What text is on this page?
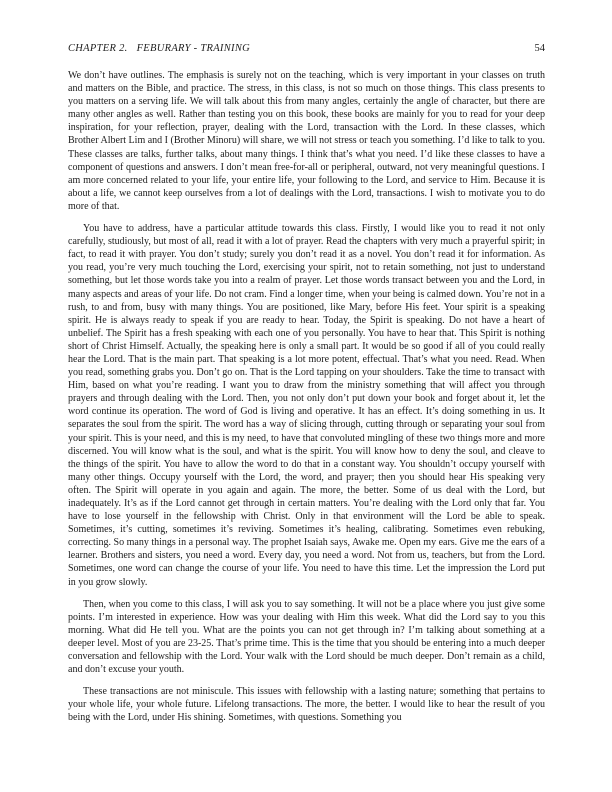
CHAPTER 2. FEBURARY - TRAINING	54

We don’t have outlines. The emphasis is surely not on the teaching, which is very important in your classes on truth and matters on the Bible, and practice. The stress, in this class, is not so much on those things. This class presents to you matters on a serving life. We will talk about this from many angles, certainly the angle of character, but there are many other angles as well. Rather than testing you on this book, these books are mainly for you to read for your deep inspiration, for your reflection, prayer, dealing with the Lord, transaction with the Lord. In these classes, which Brother Albert Lim and I (Brother Minoru) will share, we will not stress or teach you something. I’d like to talk to you. These classes are talks, further talks, about many things. I think that’s what you need. I’d like these classes to have a component of questions and answers. I don’t mean free-for-all or peripheral, outward, not very meaningful questions. I am more concerned related to your life, your entire life, your following to the Lord, and service to Him. Because it is about a life, we cannot keep ourselves from a lot of dealings with the Lord, transactions. I wish to motivate you to do more of that.

You have to address, have a particular attitude towards this class. Firstly, I would like you to read it not only carefully, studiously, but most of all, read it with a lot of prayer. Read the chapters with very much a prayerful spirit; in fact, to read it with prayer. You don’t study; surely you don’t read it as a novel. You don’t read it for information. As you read, you’re very much touching the Lord, exercising your spirit, not to retain something, not just to understand something, but let those words take you into a realm of prayer. Let those words transact between you and the Lord, in many aspects and areas of your life. Do not cram. Find a longer time, when your being is calmed down. You’re not in a rush, to and from, busy with many things. You are positioned, like Mary, before His feet. Your spirit is a speaking spirit. He is always ready to speak if you are ready to hear. Today, the Spirit is speaking. Do not have a heart of unbelief. The Spirit has a fresh speaking with each one of you personally. You have to hear that. This Spirit is nothing short of Christ Himself. Actually, the speaking here is only a small part. It would be so good if all of you could really hear the Lord. That is the main part. That speaking is a lot more potent, effectual. That’s what you need. Read. When you read, something grabs you. Don’t go on. That is the Lord tapping on your shoulders. Take the time to transact with Him, based on what you’re reading. I want you to draw from the ministry something that will affect you through prayers and through dealing with the Lord. Then, you not only don’t put down your book and forget about it, let the word continue its operation. The word of God is living and operative. It has an effect. It’s doing something in us. It separates the soul from the spirit. The word has a way of slicing through, cutting through or separating your soul from your spirit. This is your need, and this is my need, to have that convoluted mingling of these two things more and more discerned. You will know what is the soul, and what is the spirit. You will know how to deny the soul, and cleave to the things of the spirit. You have to allow the word to do that in a constant way. You shouldn’t occupy yourself with many other things. Occupy yourself with the Lord, the word, and prayer; then you should hear His speaking very often. The Spirit will operate in you again and again. The more, the better. Some of us deal with the Lord, but inadequately. It’s as if the Lord cannot get through in certain matters. You’re dealing with the Lord only that far. You have to lose yourself in the fellowship with Christ. Only in that environment will the Lord be able to speak. Sometimes, it’s cutting, sometimes it’s reviving. Sometimes it’s healing, calibrating. Sometimes even rebuking, correcting. So many things in a personal way. The prophet Isaiah says, Awake me. Open my ears. Give me the ears of a learner. Brothers and sisters, you need a word. Every day, you need a word. Not from us, teachers, but from the Lord. Sometimes, one word can change the course of your life. You need to have this time. Let the impression the Lord put in you grow slowly.

Then, when you come to this class, I will ask you to say something. It will not be a place where you just give some points. I’m interested in experience. How was your dealing with Him this week. What did the Lord say to you this morning. What did He tell you. What are the points you can not get through in? I’m talking about something at a deeper level. Most of you are 23-25. That’s prime time. This is the time that you should be entering into a much deeper conversation and fellowship with the Lord. Your walk with the Lord should be much deeper. Don’t remain as a child, and don’t excuse your youth.

These transactions are not miniscule. This issues with fellowship with a lasting nature; something that pertains to your whole life, your whole future. Lifelong transactions. The more, the better. I would like to hear the result of you being with the Lord, under His shining. Sometimes, with questions. Something you
